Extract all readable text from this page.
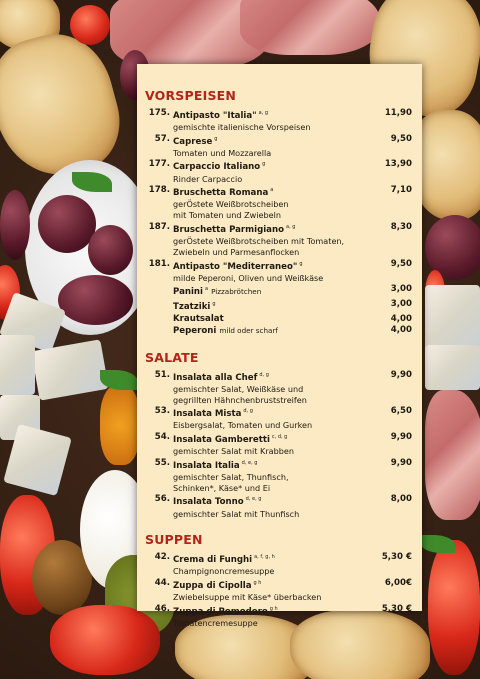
VORSPEISEN
175. Antipasto "Italia" $^{a, g}$
gemischte italienische Vorspeisen
11,90
57. Caprese $^g$
Tomaten und Mozzarella
9,50
177. Carpaccio Italiano $^g$
Rinder Carpaccio
13,90
178. Bruschetta Romana $^a$
gerÖstete Weißbrotscheiben
mit Tomaten und Zwiebeln
7,10
187. Bruschetta Parmigiano $^{a, g}$
gerÖstete Weißbrotscheiben mit Tomaten,
Zwiebeln und Parmesanflocken
8,30
181. Antipasto "Mediterraneo" $^g$
milde Peperoni, Oliven und Weißkäse
9,50
Panini $^a$ Pizzabrötchen	3,00
Tzatziki $^g$	3,00
Krautsalat	4,00
Peperoni mild oder scharf	4,00
SALATE
51. Insalata alla Chef $^{d, g}$
gemischter Salat, Weißkäse und
gegrillten Hähnchenbruststreifen
9,90
53. Insalata Mista $^{d, g}$
Eisbergsalat, Tomaten und Gurken
6,50
54. Insalata Gamberetti $^{c, d, g}$
gemischter Salat mit Krabben
9,90
55. Insalata Italia $^{d, e, g}$
gemischter Salat, Thunfisch,
Schinken*, Käse* und Ei
9,90
56. Insalata Tonno $^{d, e, g}$
gemischter Salat mit Thunfisch
8,00
SUPPEN
42. Crema di Funghi $^{a, f, g, h}$
Champignoncremesuppe
5,30 €
44. Zuppa di Cipolla $^{g h}$
Zwiebelsuppe mit Käse* überbacken
6,00€
46. Zuppa di Pomodoro $^{g h}$
Tomatencremesuppe
5,30 €
